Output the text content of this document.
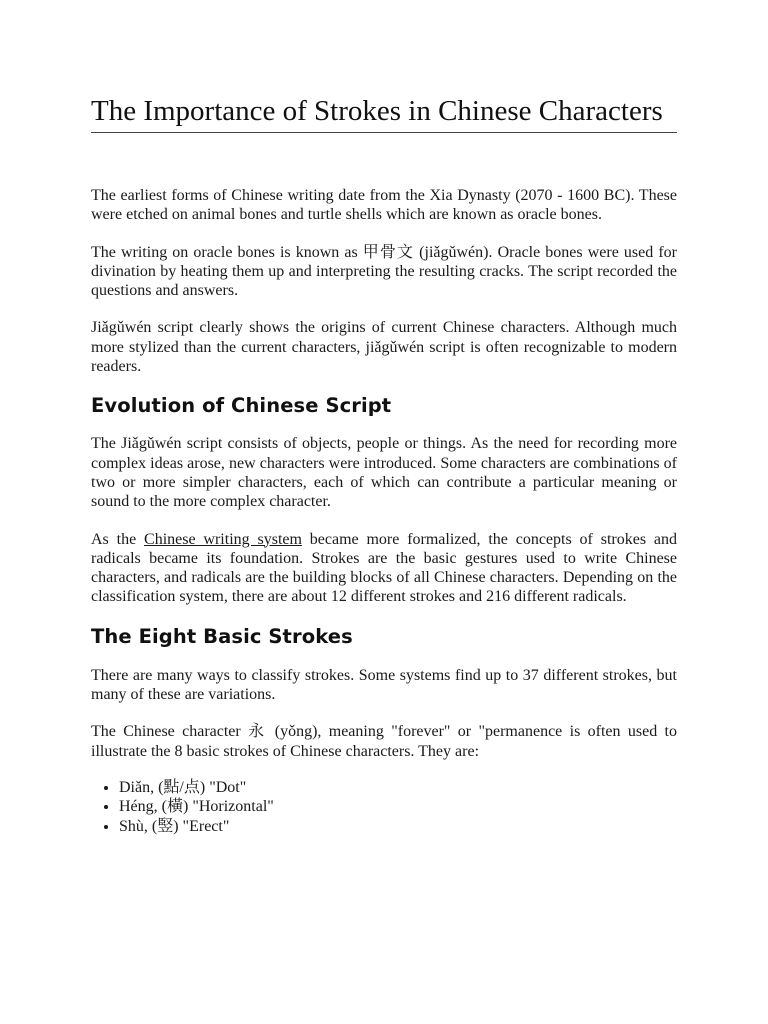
The Importance of Strokes in Chinese Characters

The earliest forms of Chinese writing date from the Xia Dynasty (2070 - 1600 BC). These were etched on animal bones and turtle shells which are known as oracle bones.

The writing on oracle bones is known as 甲骨文 (jiǎgǔwén). Oracle bones were used for divination by heating them up and interpreting the resulting cracks. The script recorded the questions and answers.

Jiǎgǔwén script clearly shows the origins of current Chinese characters. Although much more stylized than the current characters, jiǎgǔwén script is often recognizable to modern readers.

Evolution of Chinese Script

The Jiǎgǔwén script consists of objects, people or things. As the need for recording more complex ideas arose, new characters were introduced. Some characters are combinations of two or more simpler characters, each of which can contribute a particular meaning or sound to the more complex character.

As the Chinese writing system became more formalized, the concepts of strokes and radicals became its foundation. Strokes are the basic gestures used to write Chinese characters, and radicals are the building blocks of all Chinese characters. Depending on the classification system, there are about 12 different strokes and 216 different radicals.

The Eight Basic Strokes

There are many ways to classify strokes. Some systems find up to 37 different strokes, but many of these are variations.

The Chinese character 永 (yǒng), meaning "forever" or "permanence is often used to illustrate the 8 basic strokes of Chinese characters. They are:

• Diǎn, (點/点) "Dot"
• Héng, (橫) "Horizontal"
• Shù, (竪) "Erect"
